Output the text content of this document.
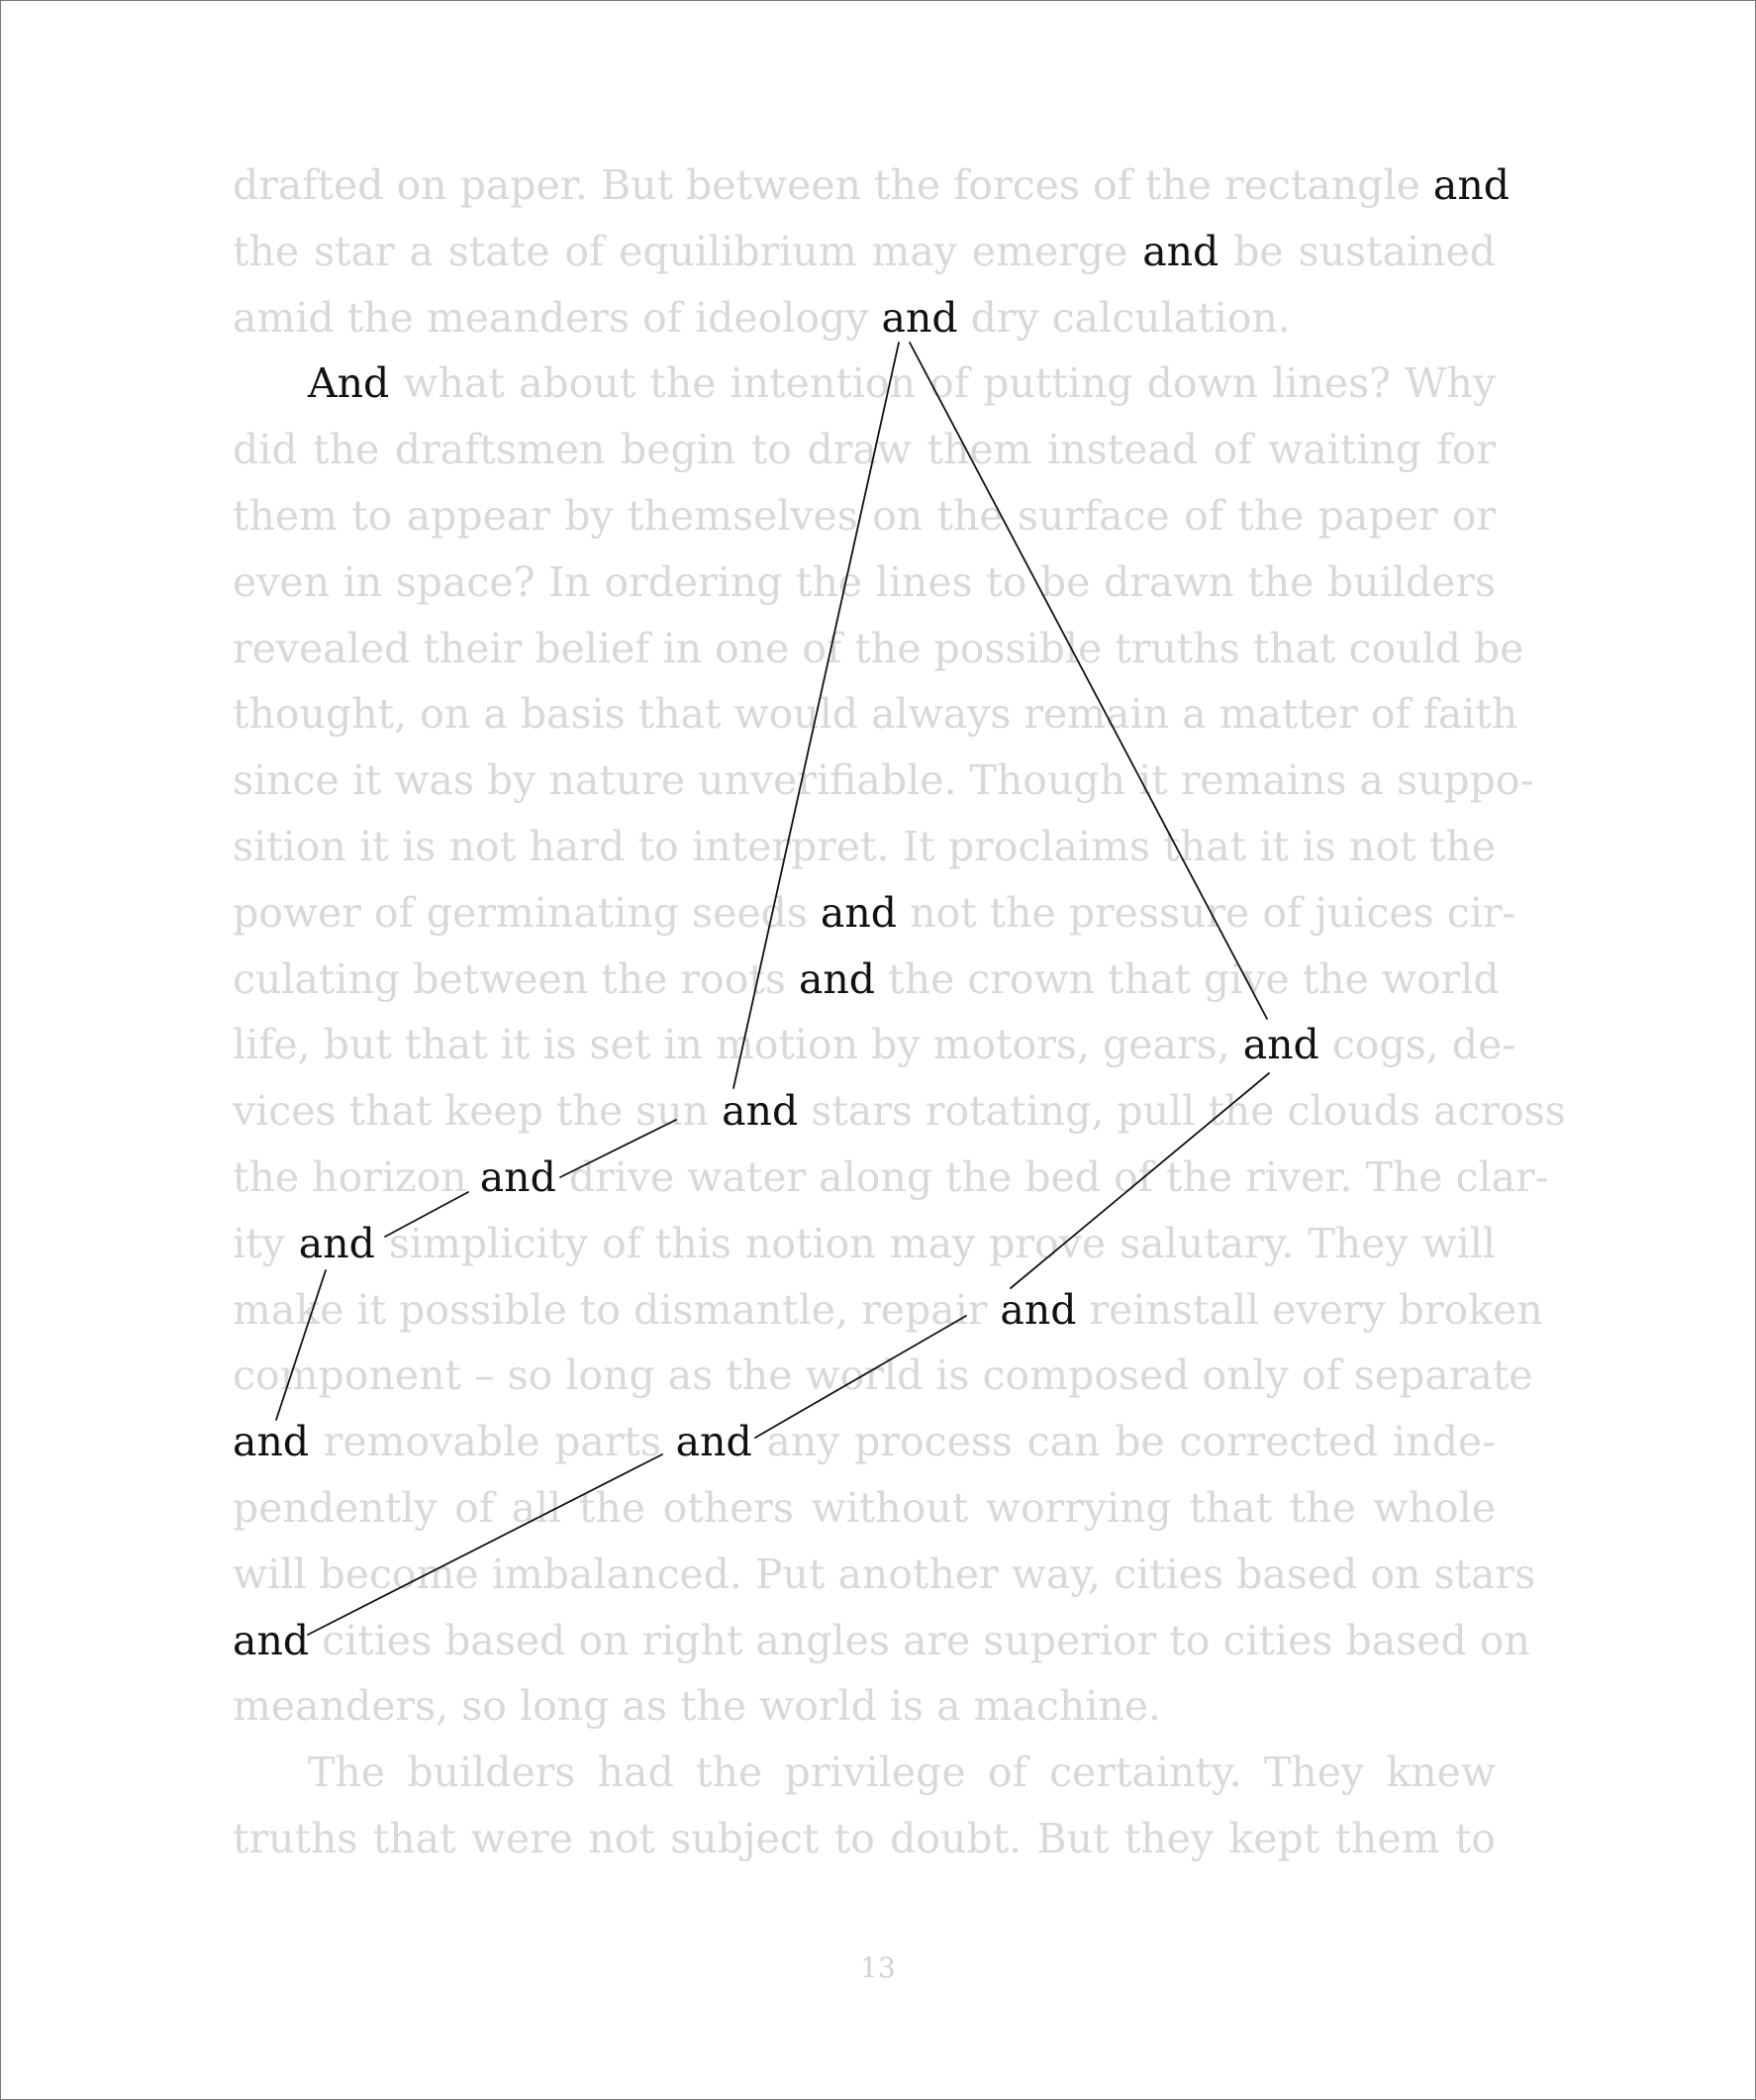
drafted on paper. But between the forces of the rectangle and
the star a state of equilibrium may emerge and be sustained
amid the meanders of ideology and dry calculation.
And what about the intention of putting down lines? Why
did the draftsmen begin to draw them instead of waiting for
them to appear by themselves on the surface of the paper or
even in space? In ordering the lines to be drawn the builders
revealed their belief in one of the possible truths that could be
thought, on a basis that would always remain a matter of faith
since it was by nature unverifiable. Though it remains a suppo-
sition it is not hard to interpret. It proclaims that it is not the
power of germinating seeds and not the pressure of juices cir-
culating between the roots and the crown that give the world
life, but that it is set in motion by motors, gears, and cogs, de-
vices that keep the sun and stars rotating, pull the clouds across
the horizon and drive water along the bed of the river. The clar-
ity and simplicity of this notion may prove salutary. They will
make it possible to dismantle, repair and reinstall every broken
component – so long as the world is composed only of separate
and removable parts and any process can be corrected inde-
pendently of all the others without worrying that the whole
will become imbalanced. Put another way, cities based on stars
and cities based on right angles are superior to cities based on
meanders, so long as the world is a machine.
The builders had the privilege of certainty. They knew
truths that were not subject to doubt. But they kept them to
13
